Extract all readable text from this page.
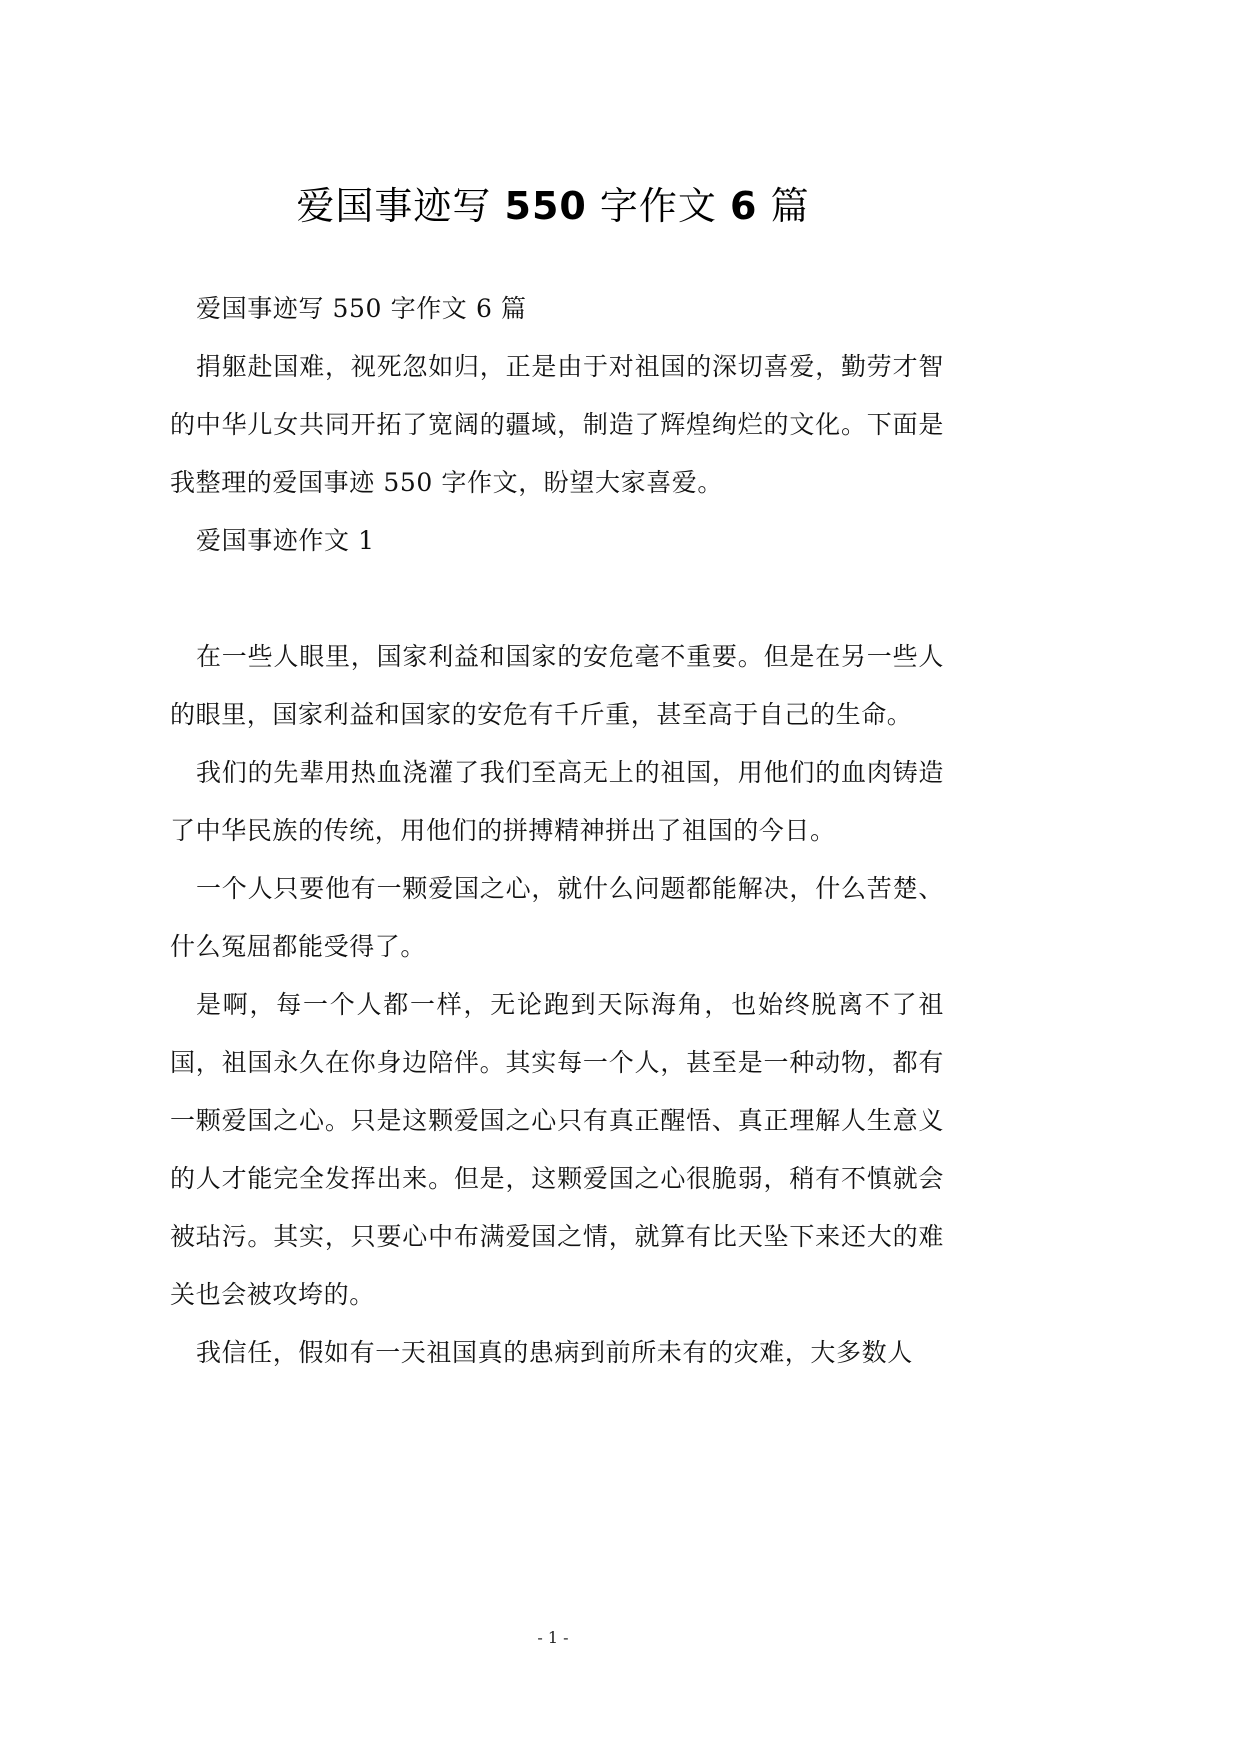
爱国事迹写 550 字作文 6 篇

爱国事迹写 550 字作文 6 篇

捐躯赴国难，视死忽如归，正是由于对祖国的深切喜爱，勤劳才智的中华儿女共同开拓了宽阔的疆域，制造了辉煌绚烂的文化。下面是我整理的爱国事迹 550 字作文，盼望大家喜爱。

爱国事迹作文 1

在一些人眼里，国家利益和国家的安危毫不重要。但是在另一些人的眼里，国家利益和国家的安危有千斤重，甚至高于自己的生命。

我们的先辈用热血浇灌了我们至高无上的祖国，用他们的血肉铸造了中华民族的传统，用他们的拼搏精神拼出了祖国的今日。

一个人只要他有一颗爱国之心，就什么问题都能解决，什么苦楚、什么冤屈都能受得了。

是啊，每一个人都一样，无论跑到天际海角，也始终脱离不了祖国，祖国永久在你身边陪伴。其实每一个人，甚至是一种动物，都有一颗爱国之心。只是这颗爱国之心只有真正醒悟、真正理解人生意义的人才能完全发挥出来。但是，这颗爱国之心很脆弱，稍有不慎就会被玷污。其实，只要心中布满爱国之情，就算有比天坠下来还大的难关也会被攻垮的。

我信任，假如有一天祖国真的患病到前所未有的灾难，大多数人

- 1 -
